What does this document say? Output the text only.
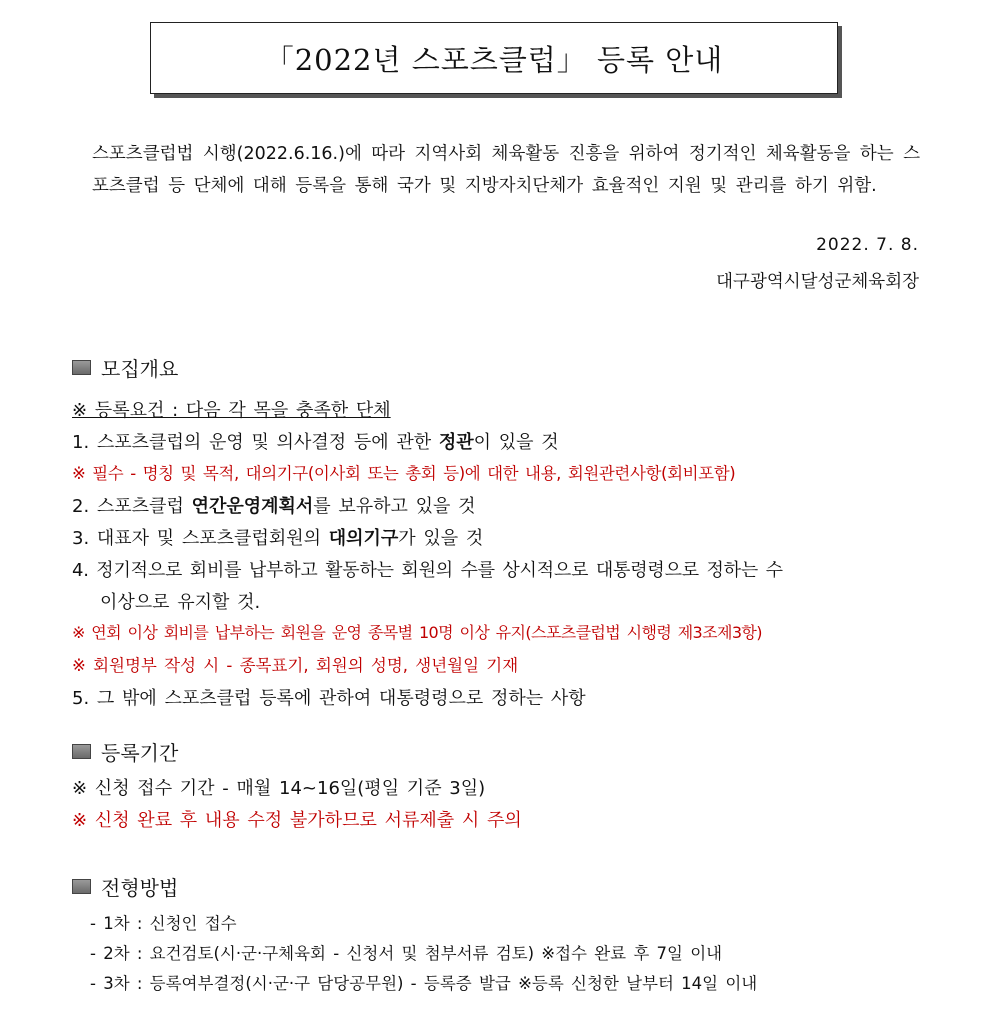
「2022년 스포츠클럽」 등록 안내
스포츠클럽법 시행(2022.6.16.)에 따라 지역사회 체육활동 진흥을 위하여 정기적인 체육활동을 하는 스포츠클럽 등 단체에 대해 등록을 통해 국가 및 지방자치단체가 효율적인 지원 및 관리를 하기 위함.
2022. 7. 8.
대구광역시달성군체육회장
모집개요
※ 등록요건 : 다음 각 목을 충족한 단체
1. 스포츠클럽의 운영 및 의사결정 등에 관한 정관이 있을 것
※ 필수 - 명칭 및 목적, 대의기구(이사회 또는 총회 등)에 대한 내용, 회원관련사항(회비포함)
2. 스포츠클럽 연간운영계획서를 보유하고 있을 것
3. 대표자 및 스포츠클럽회원의 대의기구가 있을 것
4. 정기적으로 회비를 납부하고 활동하는 회원의 수를 상시적으로 대통령령으로 정하는 수
이상으로 유지할 것.
※ 연회 이상 회비를 납부하는 회원을 운영 종목별 10명 이상 유지(스포츠클럽법 시행령 제3조제3항)
※ 회원명부 작성 시 - 종목표기, 회원의 성명, 생년월일 기재
5. 그 밖에 스포츠클럽 등록에 관하여 대통령령으로 정하는 사항
등록기간
※ 신청 접수 기간 - 매월 14~16일(평일 기준 3일)
※ 신청 완료 후 내용 수정 불가하므로 서류제출 시 주의
전형방법
- 1차 : 신청인 접수
- 2차 : 요건검토(시·군·구체육회 - 신청서 및 첨부서류 검토) ※접수 완료 후 7일 이내
- 3차 : 등록여부결정(시·군·구 담당공무원) - 등록증 발급 ※등록 신청한 날부터 14일 이내
